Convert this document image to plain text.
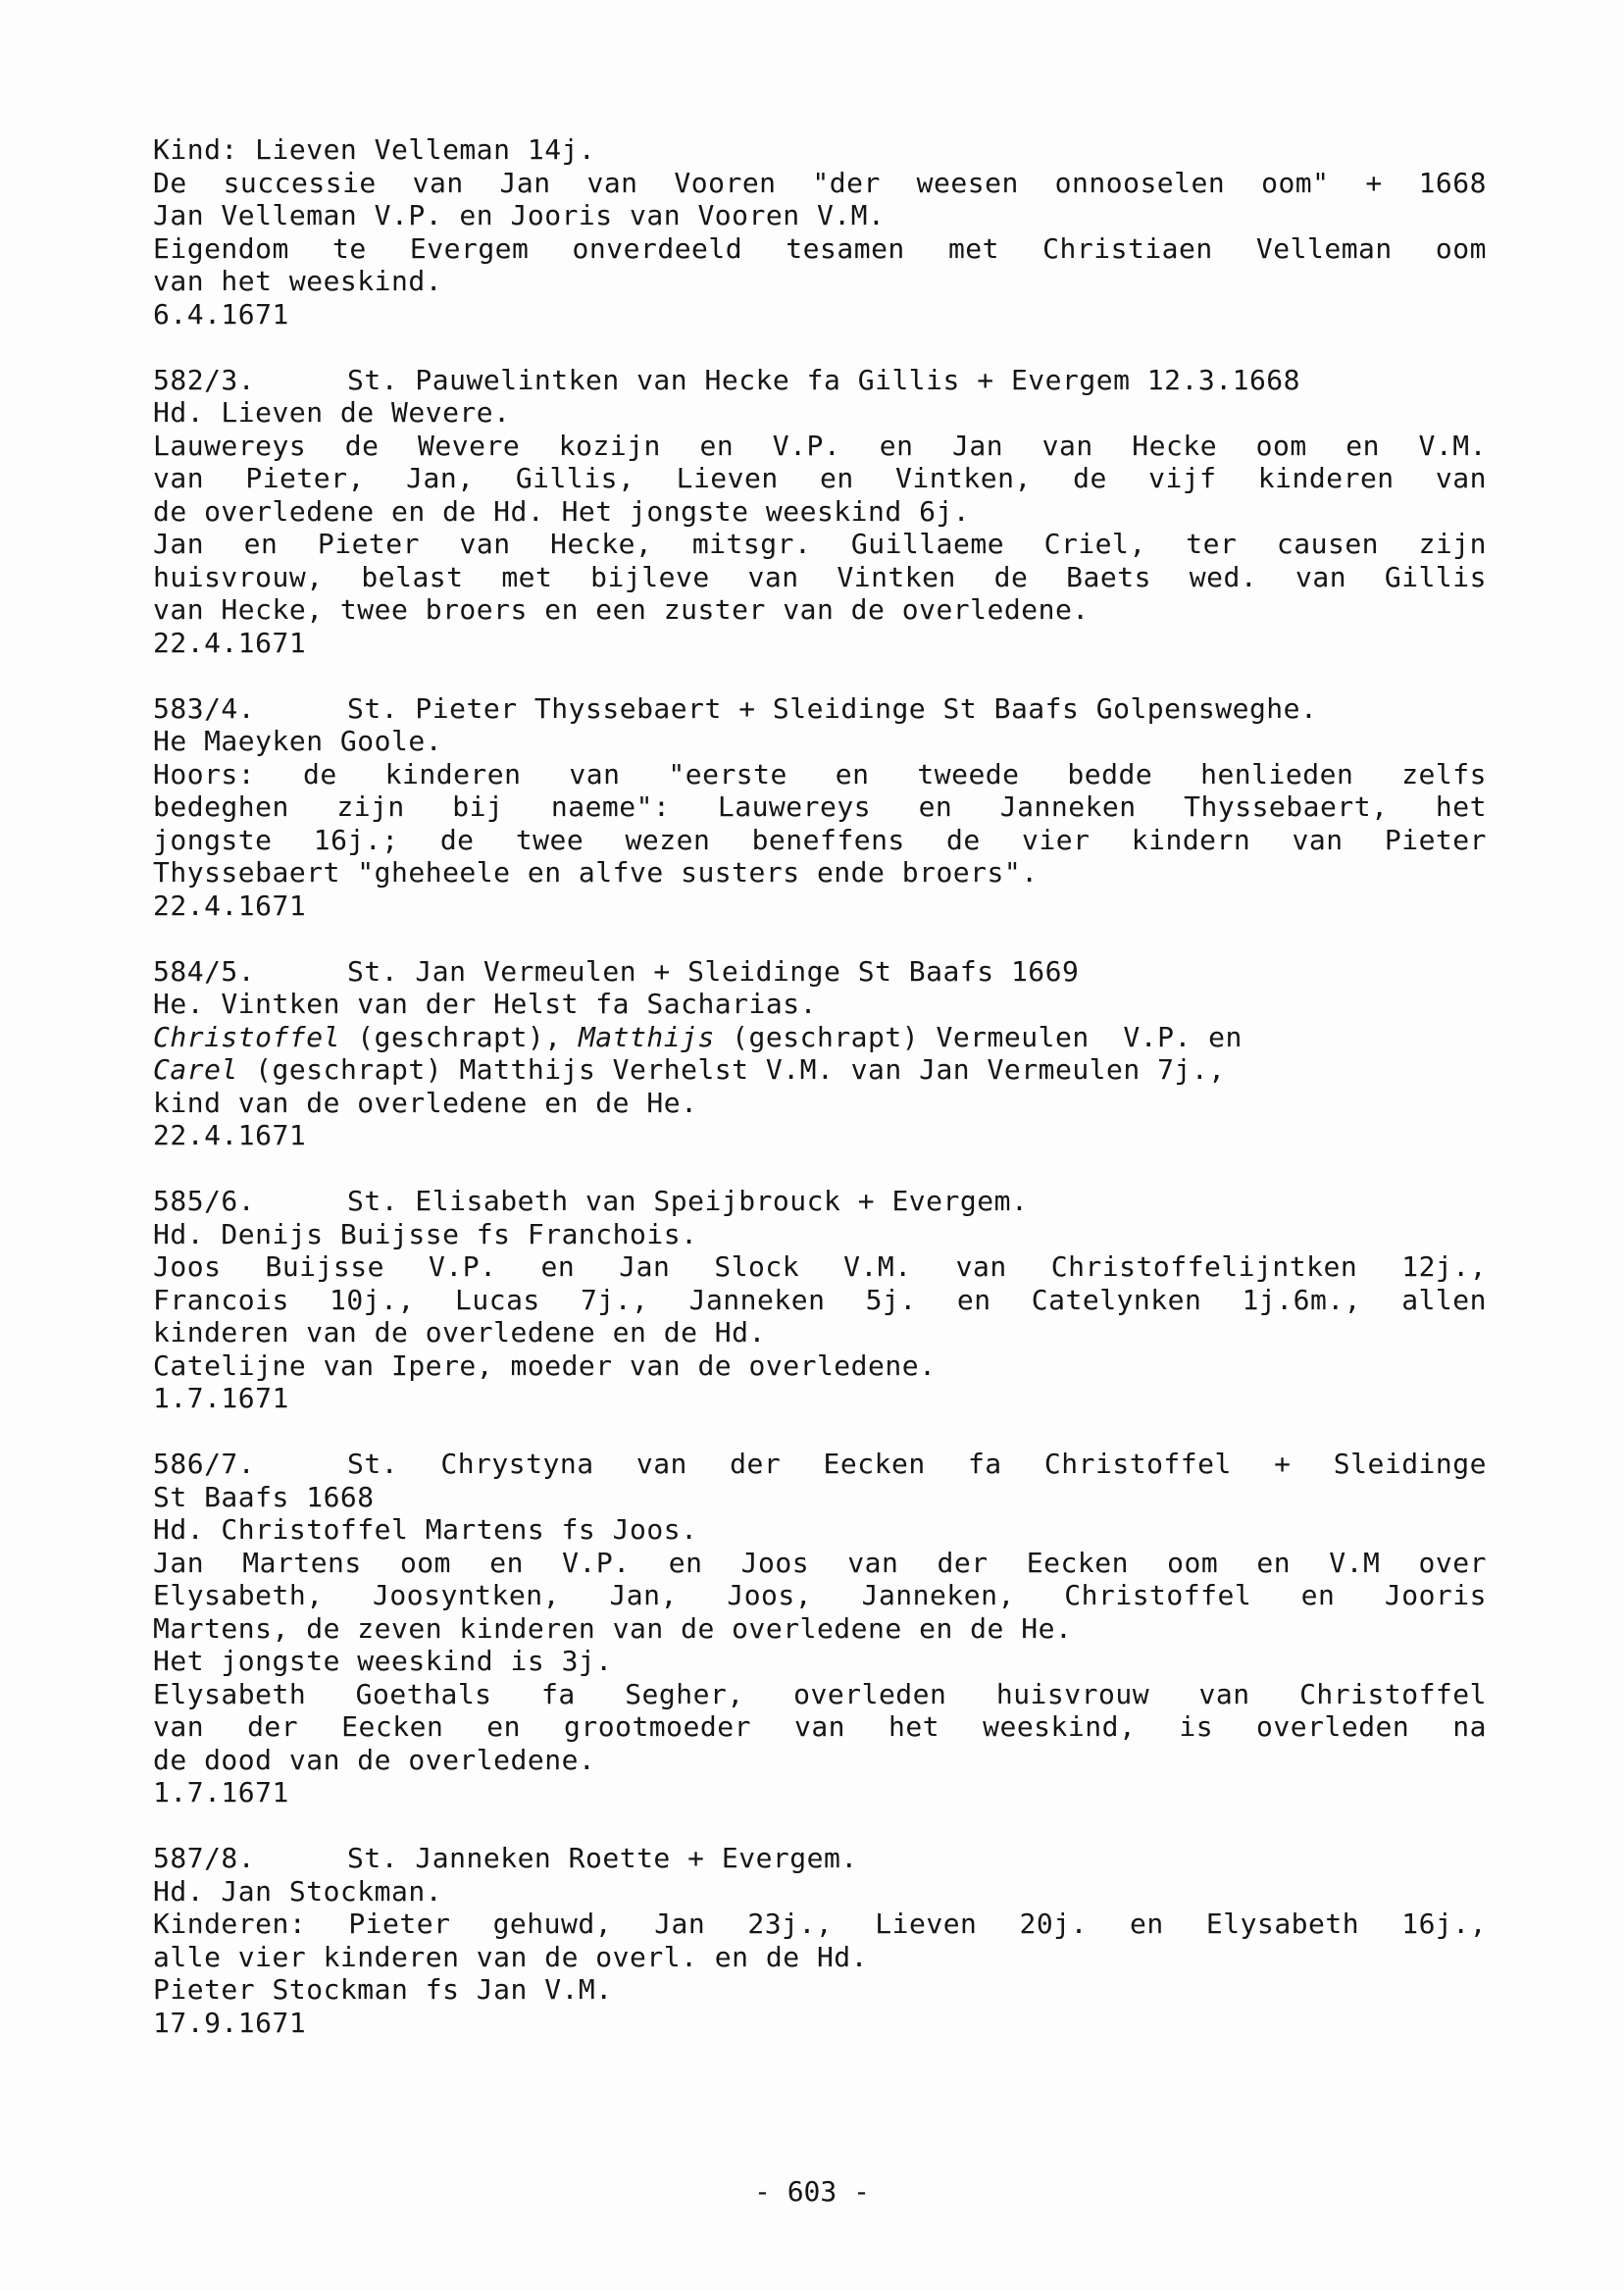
Kind: Lieven Velleman 14j.
De successie van Jan van Vooren "der weesen onnooselen oom" + 1668
Jan Velleman V.P. en Jooris van Vooren V.M.
Eigendom te Evergem onverdeeld tesamen met Christiaen Velleman oom
van het weeskind.
6.4.1671
582/3.	St. Pauwelintken van Hecke fa Gillis + Evergem 12.3.1668
Hd. Lieven de Wevere.
Lauwereys de Wevere kozijn en V.P. en Jan van Hecke oom en V.M.
van Pieter, Jan, Gillis, Lieven en Vintken, de vijf kinderen van
de overledene en de Hd. Het jongste weeskind 6j.
Jan en Pieter van Hecke, mitsgr. Guillaeme Criel, ter causen zijn
huisvrouw, belast met bijleve van Vintken de Baets wed. van Gillis
van Hecke, twee broers en een zuster van de overledene.
22.4.1671
583/4.	St. Pieter Thyssebaert + Sleidinge St Baafs Golpensweghe.
He Maeyken Goole.
Hoors: de kinderen van "eerste en tweede bedde henlieden zelfs
bedeghen zijn bij naeme": Lauwereys en Janneken Thyssebaert, het
jongste 16j.; de twee wezen beneffens de vier kindern van Pieter
Thyssebaert "gheheele en alfve susters ende broers".
22.4.1671
584/5.	St. Jan Vermeulen + Sleidinge St Baafs 1669
He. Vintken van der Helst fa Sacharias.
Christoffel (geschrapt), Matthijs (geschrapt) Vermeulen  V.P. en
Carel (geschrapt) Matthijs Verhelst V.M. van Jan Vermeulen 7j.,
kind van de overledene en de He.
22.4.1671
585/6.	St. Elisabeth van Speijbrouck + Evergem.
Hd. Denijs Buijsse fs Franchois.
Joos Buijsse V.P. en Jan Slock V.M. van Christoffelijntken 12j.,
Francois 10j., Lucas 7j., Janneken 5j. en Catelynken 1j.6m., allen
kinderen van de overledene en de Hd.
Catelijne van Ipere, moeder van de overledene.
1.7.1671
586/7.	St. Chrystyna van der Eecken fa Christoffel + Sleidinge
St Baafs 1668
Hd. Christoffel Martens fs Joos.
Jan Martens oom en V.P. en Joos van der Eecken oom en V.M over
Elysabeth, Joosyntken, Jan, Joos, Janneken, Christoffel en Jooris
Martens, de zeven kinderen van de overledene en de He.
Het jongste weeskind is 3j.
Elysabeth Goethals fa Segher, overleden huisvrouw van Christoffel
van der Eecken en grootmoeder van het weeskind, is overleden na
de dood van de overledene.
1.7.1671
587/8.	St. Janneken Roette + Evergem.
Hd. Jan Stockman.
Kinderen: Pieter gehuwd, Jan 23j., Lieven 20j. en Elysabeth 16j.,
alle vier kinderen van de overl. en de Hd.
Pieter Stockman fs Jan V.M.
17.9.1671
- 603 -
